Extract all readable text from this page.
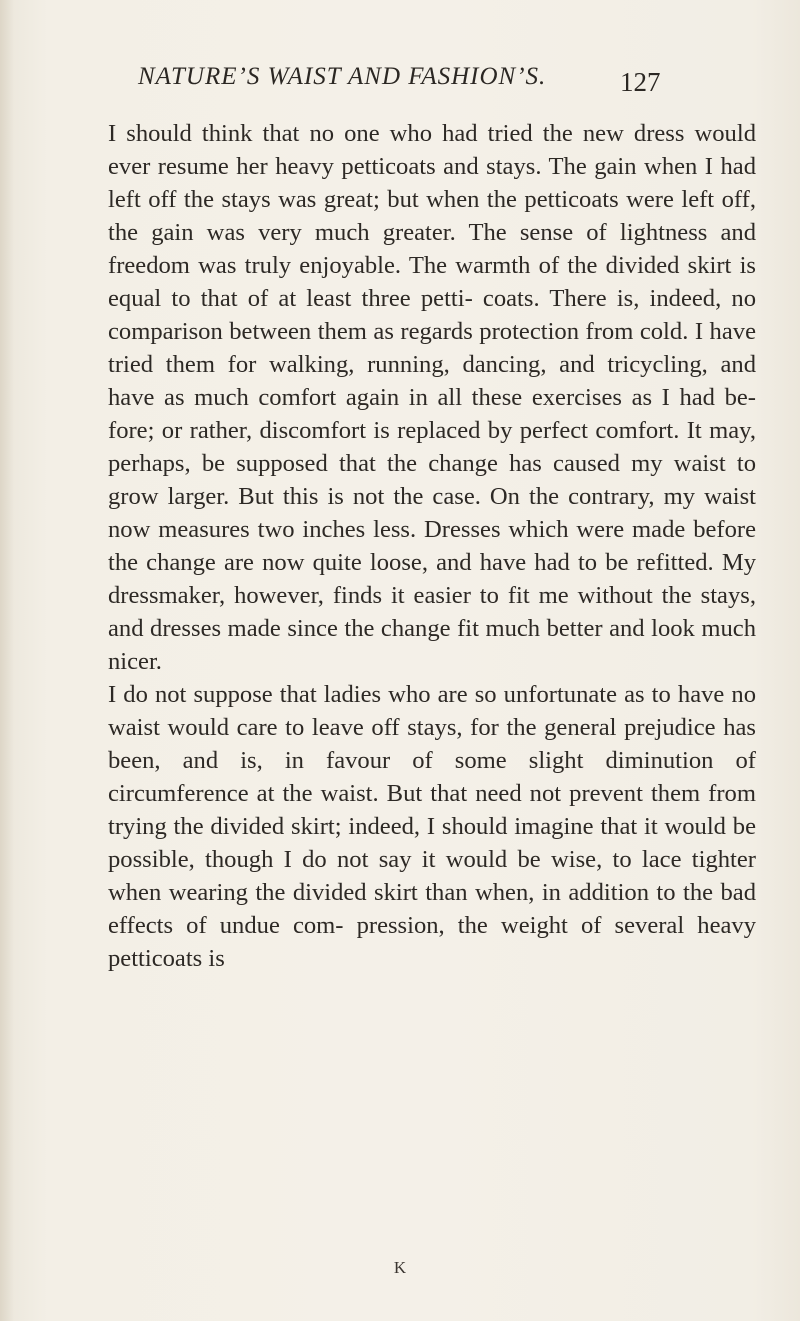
NATURE’S WAIST AND FASHION’S.	127

I should think that no one who had tried the new dress would ever resume her heavy petticoats and stays. The gain when I had left off the stays was great; but when the petticoats were left off, the gain was very much greater. The sense of lightness and freedom was truly enjoyable. The warmth of the divided skirt is equal to that of at least three petti- coats. There is, indeed, no comparison between them as regards protection from cold. I have tried them for walking, running, dancing, and tricycling, and have as much comfort again in all these exercises as I had be- fore; or rather, discomfort is replaced by perfect comfort. It may, perhaps, be supposed that the change has caused my waist to grow larger. But this is not the case. On the contrary, my waist now measures two inches less. Dresses which were made before the change are now quite loose, and have had to be refitted. My dressmaker, however, finds it easier to fit me without the stays, and dresses made since the change fit much better and look much nicer.

I do not suppose that ladies who are so unfortunate as to have no waist would care to leave off stays, for the general prejudice has been, and is, in favour of some slight diminution of circumference at the waist. But that need not prevent them from trying the divided skirt; indeed, I should imagine that it would be possible, though I do not say it would be wise, to lace tighter when wearing the divided skirt than when, in addition to the bad effects of undue com- pression, the weight of several heavy petticoats is

K
